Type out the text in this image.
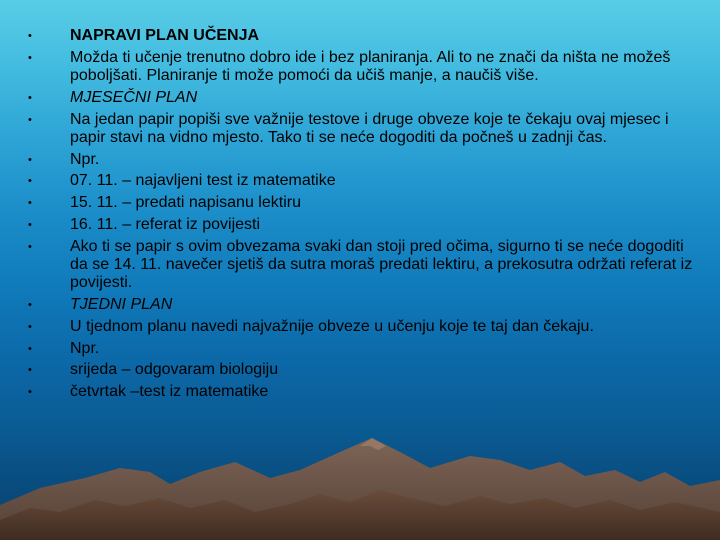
• NAPRAVI PLAN UČENJA
• Možda ti učenje trenutno dobro ide i bez planiranja. Ali to ne znači da ništa ne možeš poboljšati. Planiranje ti može pomoći da učiš manje, a naučiš više.
• MJESEČNI PLAN
• Na jedan papir popiši sve važnije testove i druge obveze koje te čekaju ovaj mjesec i papir stavi na vidno mjesto. Tako ti se neće dogoditi da počneš u zadnji čas.
• Npr.
• 07. 11. – najavljeni test iz matematike
• 15. 11. – predati napisanu lektiru
• 16. 11. – referat iz povijesti
• Ako ti se papir s ovim obvezama svaki dan stoji pred očima, sigurno ti se neće dogoditi da se 14. 11. navečer sjetiš da sutra moraš predati lektiru, a prekosutra održati referat iz povijesti.
• TJEDNI PLAN
• U tjednom planu navedi najvažnije obveze u učenju koje te taj dan čekaju.
• Npr.
• srijeda – odgovaram biologiju
• četvrtak –test iz matematike
